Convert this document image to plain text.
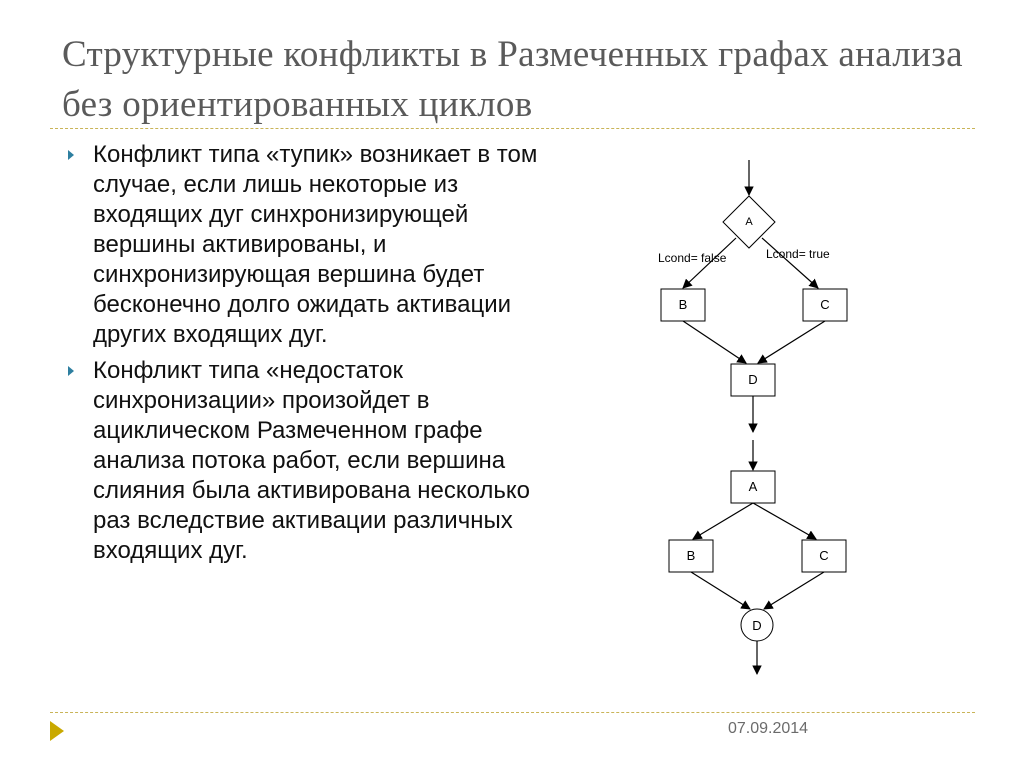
Структурные конфликты в Размеченных графах анализа без ориентированных циклов
Конфликт типа «тупик» возникает в том случае, если лишь некоторые из входящих дуг синхронизирующей вершины активированы, и синхронизирующая вершина будет бесконечно долго ожидать активации других входящих дуг.
Конфликт типа «недостаток синхронизации» произойдет в ациклическом Размеченном графе анализа потока работ, если вершина слияния была активирована несколько раз вследствие активации различных входящих дуг.
A
Lcond= false	Lcond= true
B	C
D
A
B	C
D
07.09.2014
